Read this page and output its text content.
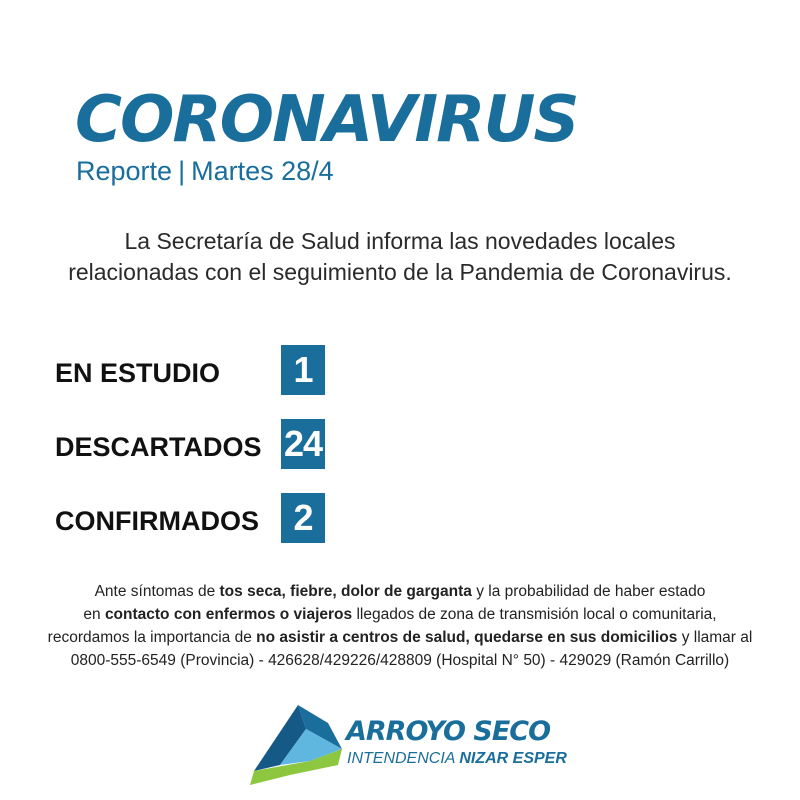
CORONAVIRUS
Reporte | Martes 28/4
La Secretaría de Salud informa las novedades locales
relacionadas con el seguimiento de la Pandemia de Coronavirus.
EN ESTUDIO	1
DESCARTADOS 24
CONFIRMADOS 2
Ante síntomas de tos seca, fiebre, dolor de garganta y la probabilidad de haber estado
en contacto con enfermos o viajeros llegados de zona de transmisión local o comunitaria,
recordamos la importancia de no asistir a centros de salud, quedarse en sus domicilios y llamar al
0800-555-6549 (Provincia) - 426628/429226/428809 (Hospital N° 50) - 429029 (Ramón Carrillo)
ARROYO SECO
INTENDENCIA NIZAR ESPER
